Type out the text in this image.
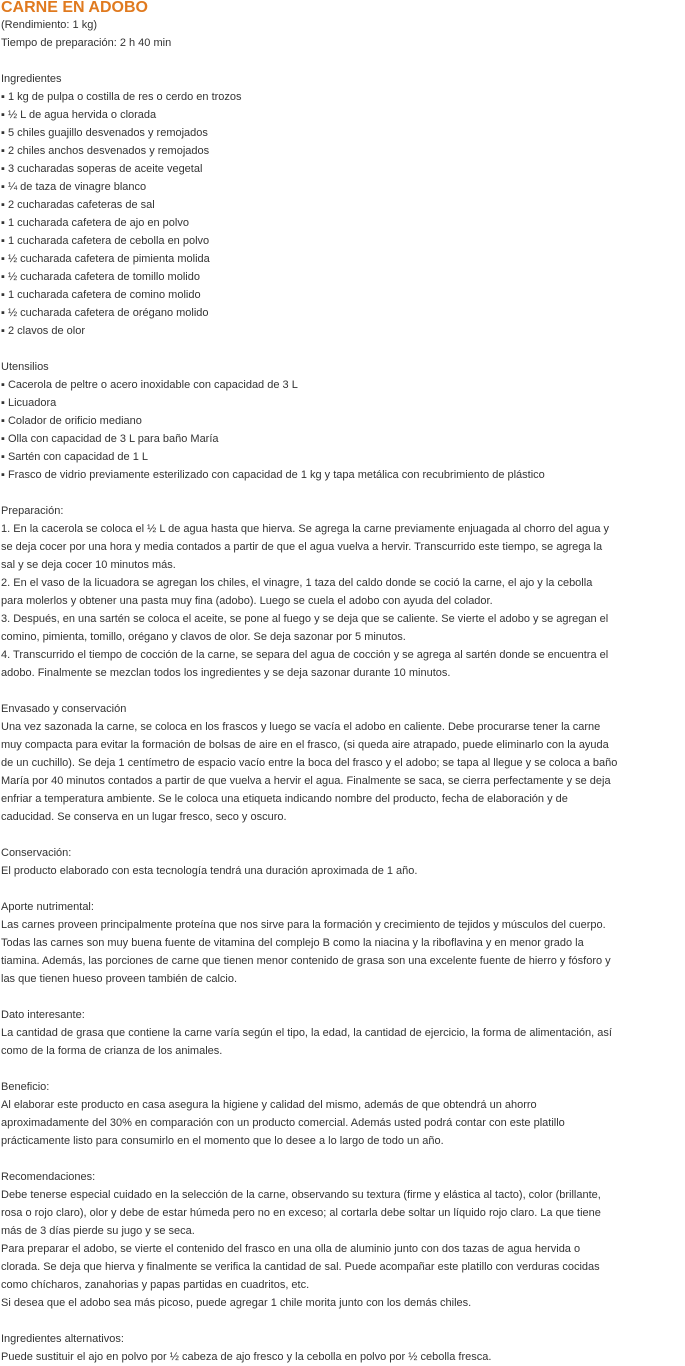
CARNE EN ADOBO
(Rendimiento: 1 kg)
Tiempo de preparación: 2 h 40 min
Ingredientes
▪ 1 kg de pulpa o costilla de res o cerdo en trozos
▪ ½ L de agua hervida o clorada
▪ 5 chiles guajillo desvenados y remojados
▪ 2 chiles anchos desvenados y remojados
▪ 3 cucharadas soperas de aceite vegetal
▪ ¼ de taza de vinagre blanco
▪ 2 cucharadas cafeteras de sal
▪ 1 cucharada cafetera de ajo en polvo
▪ 1 cucharada cafetera de cebolla en polvo
▪ ½ cucharada cafetera de pimienta molida
▪ ½ cucharada cafetera de tomillo molido
▪ 1 cucharada cafetera de comino molido
▪ ½ cucharada cafetera de orégano molido
▪ 2 clavos de olor
Utensilios
▪ Cacerola de peltre o acero inoxidable con capacidad de 3 L
▪ Licuadora
▪ Colador de orificio mediano
▪ Olla con capacidad de 3 L para baño María
▪ Sartén con capacidad de 1 L
▪ Frasco de vidrio previamente esterilizado con capacidad de 1 kg y tapa metálica con recubrimiento de plástico
Preparación:
1. En la cacerola se coloca el ½ L de agua hasta que hierva. Se agrega la carne previamente enjuagada al chorro del agua y
se deja cocer por una hora y media contados a partir de que el agua vuelva a hervir. Transcurrido este tiempo, se agrega la
sal y se deja cocer 10 minutos más.
2. En el vaso de la licuadora se agregan los chiles, el vinagre, 1 taza del caldo donde se coció la carne, el ajo y la cebolla
para molerlos y obtener una pasta muy fina (adobo). Luego se cuela el adobo con ayuda del colador.
3. Después, en una sartén se coloca el aceite, se pone al fuego y se deja que se caliente. Se vierte el adobo y se agregan el
comino, pimienta, tomillo, orégano y clavos de olor. Se deja sazonar por 5 minutos.
4. Transcurrido el tiempo de cocción de la carne, se separa del agua de cocción y se agrega al sartén donde se encuentra el
adobo. Finalmente se mezclan todos los ingredientes y se deja sazonar durante 10 minutos.
Envasado y conservación
Una vez sazonada la carne, se coloca en los frascos y luego se vacía el adobo en caliente. Debe procurarse tener la carne
muy compacta para evitar la formación de bolsas de aire en el frasco, (si queda aire atrapado, puede eliminarlo con la ayuda
de un cuchillo). Se deja 1 centímetro de espacio vacío entre la boca del frasco y el adobo; se tapa al llegue y se coloca a baño
María por 40 minutos contados a partir de que vuelva a hervir el agua. Finalmente se saca, se cierra perfectamente y se deja
enfriar a temperatura ambiente. Se le coloca una etiqueta indicando nombre del producto, fecha de elaboración y de
caducidad. Se conserva en un lugar fresco, seco y oscuro.
Conservación:
El producto elaborado con esta tecnología tendrá una duración aproximada de 1 año.
Aporte nutrimental:
Las carnes proveen principalmente proteína que nos sirve para la formación y crecimiento de tejidos y músculos del cuerpo.
Todas las carnes son muy buena fuente de vitamina del complejo B como la niacina y la riboflavina y en menor grado la
tiamina. Además, las porciones de carne que tienen menor contenido de grasa son una excelente fuente de hierro y fósforo y
las que tienen hueso proveen también de calcio.
Dato interesante:
La cantidad de grasa que contiene la carne varía según el tipo, la edad, la cantidad de ejercicio, la forma de alimentación, así
como de la forma de crianza de los animales.
Beneficio:
Al elaborar este producto en casa asegura la higiene y calidad del mismo, además de que obtendrá un ahorro
aproximadamente del 30% en comparación con un producto comercial. Además usted podrá contar con este platillo
prácticamente listo para consumirlo en el momento que lo desee a lo largo de todo un año.
Recomendaciones:
Debe tenerse especial cuidado en la selección de la carne, observando su textura (firme y elástica al tacto), color (brillante,
rosa o rojo claro), olor y debe de estar húmeda pero no en exceso; al cortarla debe soltar un líquido rojo claro. La que tiene
más de 3 días pierde su jugo y se seca.
Para preparar el adobo, se vierte el contenido del frasco en una olla de aluminio junto con dos tazas de agua hervida o
clorada. Se deja que hierva y finalmente se verifica la cantidad de sal. Puede acompañar este platillo con verduras cocidas
como chícharos, zanahorias y papas partidas en cuadritos, etc.
Si desea que el adobo sea más picoso, puede agregar 1 chile morita junto con los demás chiles.
Ingredientes alternativos:
Puede sustituir el ajo en polvo por ½ cabeza de ajo fresco y la cebolla en polvo por ½ cebolla fresca.
